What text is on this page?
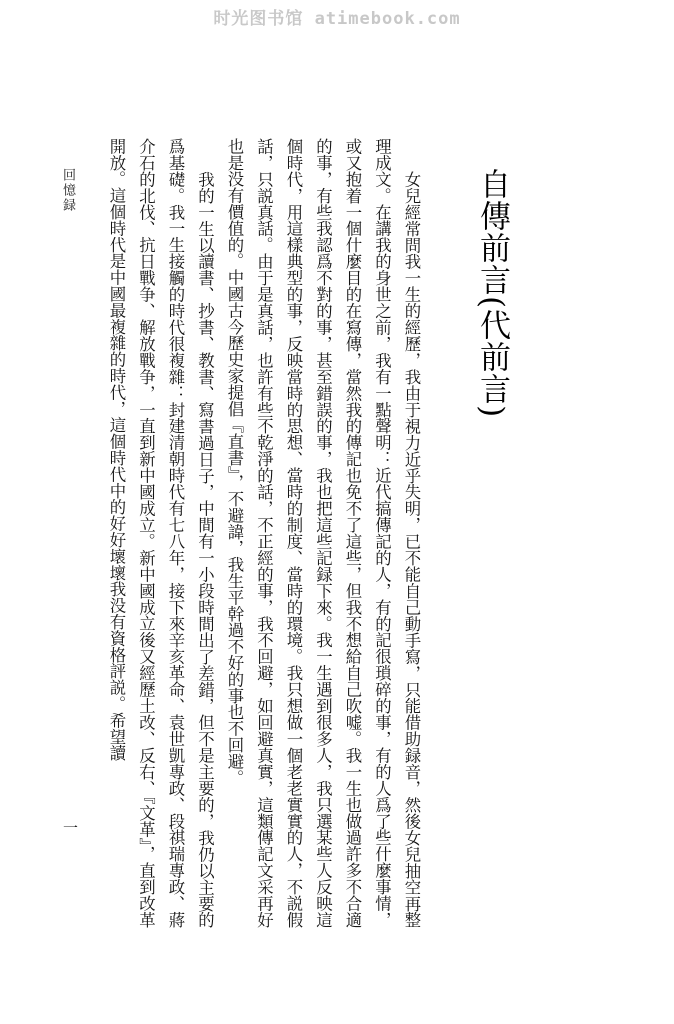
时光图书馆 atimebook.com
自傳前言(代前言)

女兒經常問我一生的經歷，我由于視力近乎失明，已不能自己動手寫，只能借助録音，然後女兒抽空再整理成文。在講我的身世之前，我有一點聲明：近代搞傳記的人，有的記很瑣碎的事，有的人爲了些什麼事情，或又抱着一個什麼目的在寫傳，當然我的傳記也免不了這些，但我不想給自己吹嘘。我一生也做過許多不合適的事，有些我認爲不對的事，甚至錯誤的事，我也把這些記録下來。我一生遇到很多人，我只選某些人反映這個時代，用這樣典型的事，反映當時的思想、當時的制度、當時的環境。我只想做一個老老實實的人，不説假話，只説真話。由于是真話，也許有些不乾淨的話，不正經的事，我不回避，如回避真實，這類傳記文采再好也是没有價值的。中國古今歷史家提倡『直書』，不避諱，我生平幹過不好的事也不回避。

我的一生以讀書、抄書、教書、寫書過日子，中間有一小段時間出了差錯，但不是主要的，我仍以主要的爲基礎。我一生接觸的時代很複雜：封建清朝時代有七八年，接下來辛亥革命、袁世凱專政、段祺瑞專政、蔣介石的北伐、抗日戰争、解放戰争，一直到新中國成立。新中國成立後又經歷土改、反右、『文革』，直到改革開放。這個時代是中國最複雜的時代，這個時代中的好好壞壞我没有資格評説。希望讀

回憶録
一
